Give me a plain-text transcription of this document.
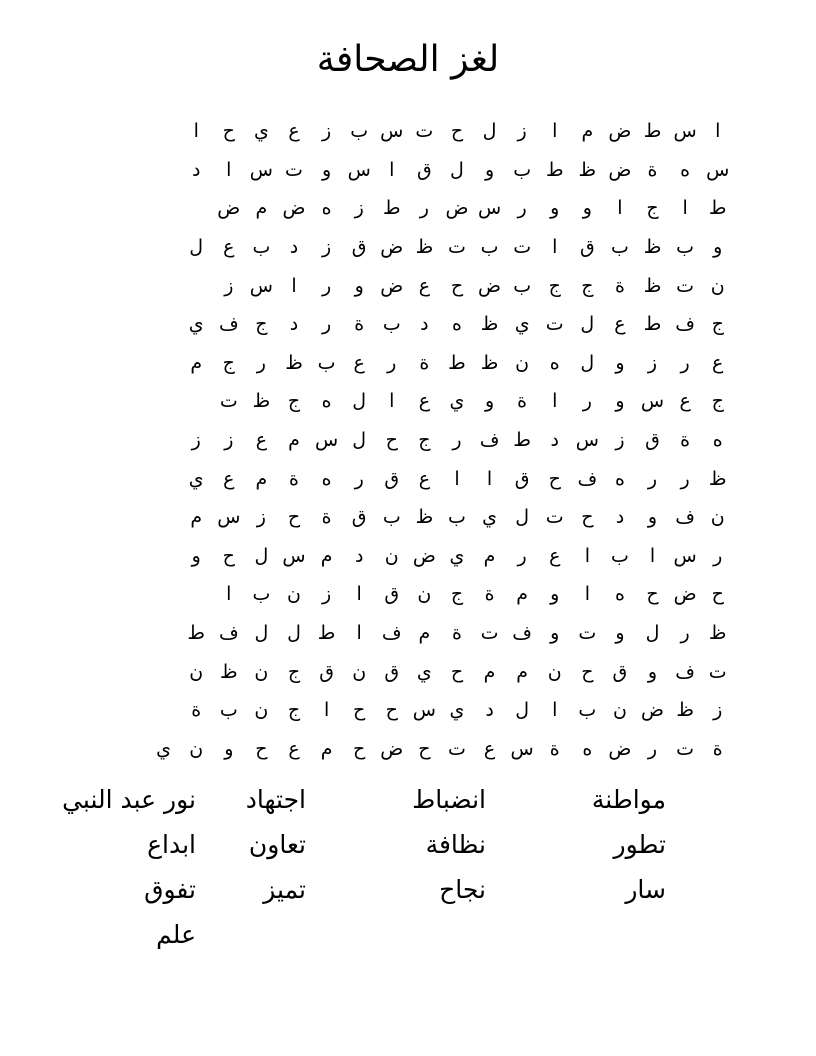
لغز الصحافة
ا
س
ط
ض
م
ا
ز
ل
ح
ت
س
ب
ز
ع
ي
ح
ا
س
ه
ة
ض
ظ
ط
ب
و
ل
ق
ا
س
و
ت
س
ا
د
ط
ا
ج
ا
و
و
ر
س
ض
ر
ط
ز
ه
ض
م
ض
و
ب
ظ
ب
ق
ا
ت
ب
ت
ظ
ض
ق
ز
د
ب
ع
ل
ن
ت
ظ
ة
ج
ج
ب
ض
ح
ع
ض
و
ر
ا
س
ز
ج
ف
ط
ع
ل
ت
ي
ظ
ه
د
ب
ة
ر
د
ج
ف
ي
ع
ر
ز
و
ل
ه
ن
ظ
ط
ة
ر
ع
ب
ظ
ر
ج
م
ج
ع
س
و
ر
ا
ة
و
ي
ع
ا
ل
ه
ج
ظ
ت
ه
ة
ق
ز
س
د
ط
ف
ر
ج
ح
ل
س
م
ع
ز
ز
ظ
ر
ر
ه
ف
ح
ق
ا
ا
ع
ق
ر
ه
ة
م
ع
ي
ن
ف
و
د
ح
ت
ل
ي
ب
ظ
ب
ق
ة
ح
ز
س
م
ر
س
ا
ب
ا
ع
ر
م
ي
ض
ن
د
م
س
ل
ح
و
ح
ض
ح
ه
ا
و
م
ة
ج
ن
ق
ا
ز
ن
ب
ا
ظ
ر
ل
و
ت
و
ف
ت
ة
م
ف
ا
ط
ل
ل
ف
ط
ت
ف
و
ق
ح
ن
م
م
ح
ي
ق
ن
ق
ج
ن
ظ
ن
ز
ظ
ض
ن
ب
ا
ل
د
ي
س
ح
ح
ا
ج
ن
ب
ة
ة
ت
ر
ض
ه
ة
س
ع
ت
ح
ض
ح
م
ع
ح
و
ن
ي
مواطنة
انضباط
اجتهاد
نور عبد النبي
تطور
نظافة
تعاون
ابداع
سار
نجاح
تميز
تفوق
علم
